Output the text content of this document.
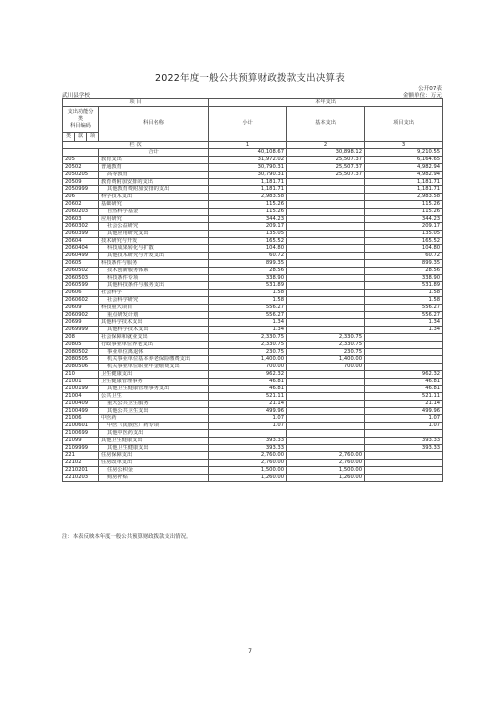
2022年度一般公共预算财政拨款支出决算表
公开07表
武川县学校	金额单位：万元
项 目				本年支出		
支出功能分类
科目编码			科目名称	小计	基本支出	项目支出
类	款	项				
栏 次				1	2	3
			合计	40,108.67	30,898.12	9,210.55
205			教育支出	31,972.02	25,507.37	6,164.65
20502			普通教育	30,790.31	25,507.37	4,982.94
2050205			高等教育	30,790.31	25,507.37	4,982.94
20509			教育费附加安排的支出	1,181.71		1,181.71
2050999			其他教育费附加安排的支出	1,181.71		1,181.71
206			科学技术支出	2,983.58		2,983.58
20602			基础研究	115.26		115.26
2060203			自然科学基金	115.26		115.26
20603			应用研究	344.23		344.23
2060302			社会公益研究	209.17		209.17
2060399			其他应用研究支出	135.05		135.05
20604			技术研究与开发	165.52		165.52
2060404			科技成果转化与扩散	104.80		104.80
2060499			其他技术研究与开发支出	60.72		60.72
20605			科技条件与服务	899.35		899.35
2060502			技术创新服务体系	28.56		28.56
2060503			科技条件专项	338.90		338.90
2060599			其他科技条件与服务支出	531.89		531.89
20606			社会科学	1.58		1.58
2060602			社会科学研究	1.58		1.58
20609			科技重大项目	556.27		556.27
2060902			重点研发计划	556.27		556.27
20699			其他科学技术支出	1.34		1.34
2069999			其他科学技术支出	1.34		1.34
208			社会保障和就业支出	2,330.75	2,330.75	
20805			行政事业单位养老支出	2,330.75	2,330.75	
2080502			事业单位离退休	230.75	230.75	
2080505			机关事业单位基本养老保险缴费支出	1,400.00	1,400.00	
2080506			机关事业单位职业年金缴费支出	700.00	700.00	
210			卫生健康支出	962.32		962.32
21001			卫生健康管理事务	46.81		46.81
2100199			其他卫生健康管理事务支出	46.81		46.81
21004			公共卫生	521.11		521.11
2100409			重大公共卫生服务	21.14		21.14
2100499			其他公共卫生支出	499.96		499.96
21006			中医药	1.07		1.07
2100601			中医（民族医）药专项	1.07		1.07
2100699			其他中医药支出			
21099			其他卫生健康支出	393.33		393.33
2109999			其他卫生健康支出	393.33		393.33
221			住房保障支出	2,760.00	2,760.00	
22102			住房改革支出	2,760.00	2,760.00	
2210201			住房公积金	1,500.00	1,500.00	
2210203			购房补贴	1,260.00	1,260.00	
注：本表反映本年度一般公共预算财政拨款支出情况。
7
